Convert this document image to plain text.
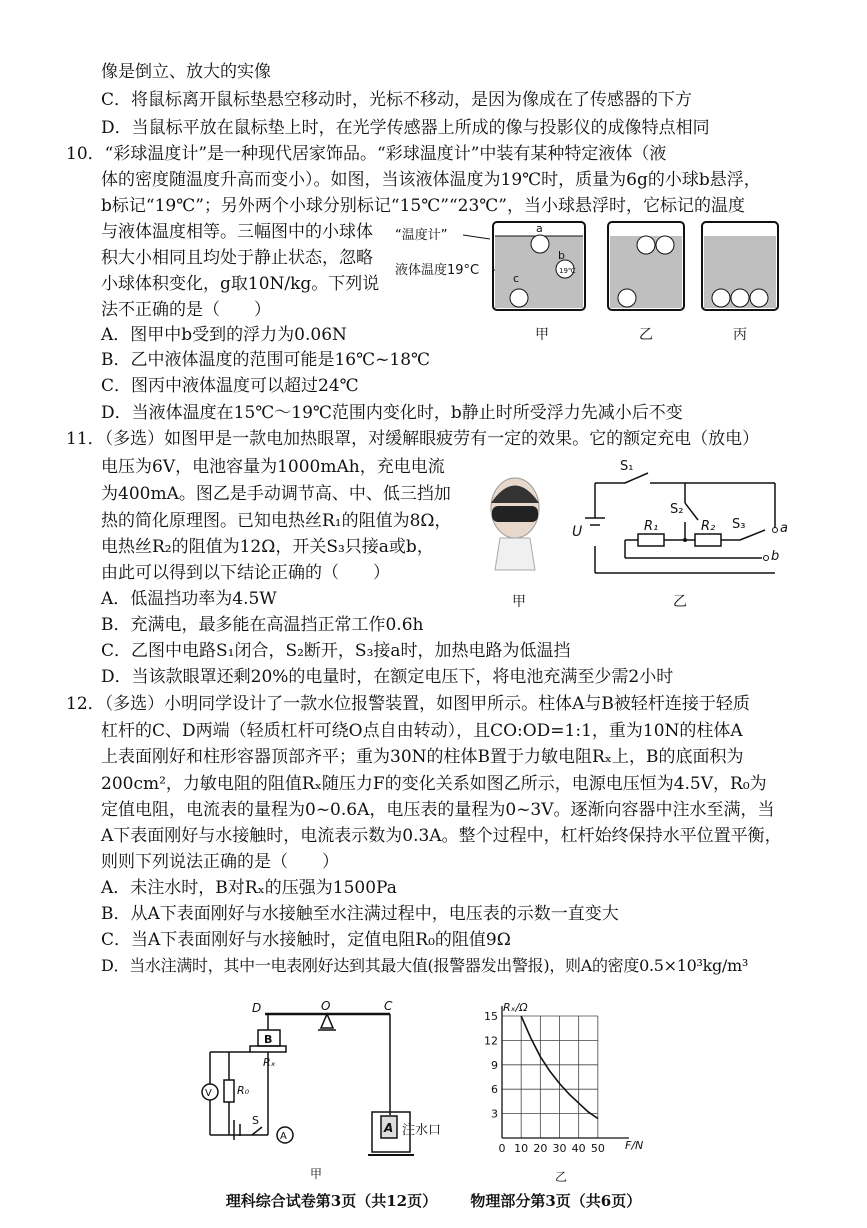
像是倒立、放大的实像
C．将鼠标离开鼠标垫悬空移动时，光标不移动，是因为像成在了传感器的下方
D．当鼠标平放在鼠标垫上时，在光学传感器上所成的像与投影仪的成像特点相同
10．“彩球温度计”是一种现代居家饰品。“彩球温度计”中装有某种特定液体（液
体的密度随温度升高而变小）。如图，当该液体温度为19℃时，质量为6g的小球b悬浮，
b标记“19℃”；另外两个小球分别标记“15℃”“23℃”，当小球悬浮时，它标记的温度
与液体温度相等。三幅图中的小球体
积大小相同且均处于静止状态，忽略
小球体积变化，g取10N/kg。下列说
法不正确的是（　　）
A．图甲中b受到的浮力为0.06N
B．乙中液体温度的范围可能是16℃~18℃
C．图丙中液体温度可以超过24℃
D．当液体温度在15℃～19℃范围内变化时，b静止时所受浮力先减小后不变
11．（多选）如图甲是一款电加热眼罩，对缓解眼疲劳有一定的效果。它的额定充电（放电）
电压为6V，电池容量为1000mAh，充电电流
为400mA。图乙是手动调节高、中、低三挡加
热的简化原理图。已知电热丝R₁的阻值为8Ω，
电热丝R₂的阻值为12Ω，开关S₃只接a或b，
由此可以得到以下结论正确的（　　）
A．低温挡功率为4.5W
B．充满电，最多能在高温挡正常工作0.6h
C．乙图中电路S₁闭合，S₂断开，S₃接a时，加热电路为低温挡
D．当该款眼罩还剩20%的电量时，在额定电压下，将电池充满至少需2小时
12．（多选）小明同学设计了一款水位报警装置，如图甲所示。柱体A与B被轻杆连接于轻质
杠杆的C、D两端（轻质杠杆可绕O点自由转动），且CO:OD=1:1，重为10N的柱体A
上表面刚好和柱形容器顶部齐平；重为30N的柱体B置于力敏电阻Rₓ上，B的底面积为
200cm²，力敏电阻的阻值Rₓ随压力F的变化关系如图乙所示，电源电压恒为4.5V，R₀为
定值电阻，电流表的量程为0~0.6A，电压表的量程为0~3V。逐渐向容器中注水至满，当
A下表面刚好与水接触时，电流表示数为0.3A。整个过程中，杠杆始终保持水平位置平衡，
则则下列说法正确的是（　　）
A．未注水时，B对Rₓ的压强为1500Pa
B．从A下表面刚好与水接触至水注满过程中，电压表的示数一直变大
C．当A下表面刚好与水接触时，定值电阻R₀的阻值9Ω
D．当水注满时，其中一电表刚好达到其最大值(报警器发出警报)，则A的密度0.5×10³kg/m³
“温度计”
液体温度19°C
a
b
19℃
c
甲	乙	丙
甲
S₁
S₂
S₃
R₁	R₂
U	a
b
乙
D	O	C
B
Rₓ
R₀
V
A
S
A 注水口
甲
Rₓ/Ω
F/N
乙
0 10 20 30 40 50
3
6
9
12
15
理科综合试卷第3页（共12页） 物理部分第3页（共6页）
